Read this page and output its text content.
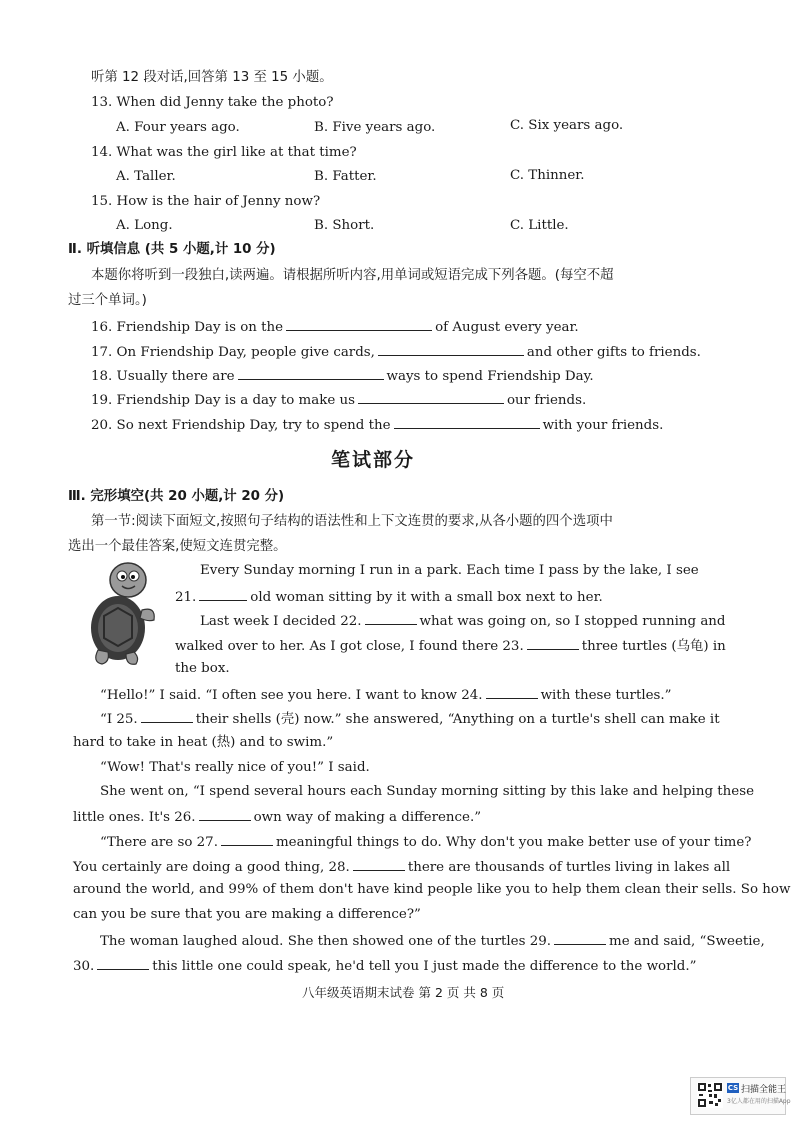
听第 12 段对话,回答第 13 至 15 小题。
13. When did Jenny take the photo?
A. Four years ago.	B. Five years ago.	C. Six years ago.
14. What was the girl like at that time?
A. Taller.	B. Fatter.	C. Thinner.
15. How is the hair of Jenny now?
A. Long.	B. Short.	C. Little.
Ⅱ. 听填信息 (共 5 小题,计 10 分)
本题你将听到一段独白,读两遍。请根据所听内容,用单词或短语完成下列各题。(每空不超
过三个单词。)
16. Friendship Day is on the	of August every year.
17. On Friendship Day, people give cards,	and other gifts to friends.
18. Usually there are	ways to spend Friendship Day.
19. Friendship Day is a day to make us	our friends.
20. So next Friendship Day, try to spend the	with your friends.
笔试部分
Ⅲ. 完形填空(共 20 小题,计 20 分)
第一节:阅读下面短文,按照句子结构的语法性和上下文连贯的要求,从各小题的四个选项中
选出一个最佳答案,使短文连贯完整。
Every Sunday morning I run in a park. Each time I pass by the lake, I see
21.	old woman sitting by it with a small box next to her.
Last week I decided 22.	what was going on, so I stopped running and
walked over to her. As I got close, I found there 23.	three turtles (乌龟) in
the box.
“Hello!” I said. “I often see you here. I want to know 24.	with these turtles.”
“I 25.	their shells (壳) now.” she answered, “Anything on a turtle's shell can make it
hard to take in heat (热) and to swim.”
“Wow! That's really nice of you!” I said.
She went on, “I spend several hours each Sunday morning sitting by this lake and helping these
little ones. It's 26.	own way of making a difference.”
“There are so 27.	meaningful things to do. Why don't you make better use of your time?
You certainly are doing a good thing, 28.	there are thousands of turtles living in lakes all
around the world, and 99% of them don't have kind people like you to help them clean their sells. So how
can you be sure that you are making a difference?”
The woman laughed aloud. She then showed one of the turtles 29.	me and said, “Sweetie,
30.	this little one could speak, he'd tell you I just made the difference to the world.”
八年级英语期末试卷 第 2 页 共 8 页
CS 扫描全能王
3亿人都在用的扫描App
